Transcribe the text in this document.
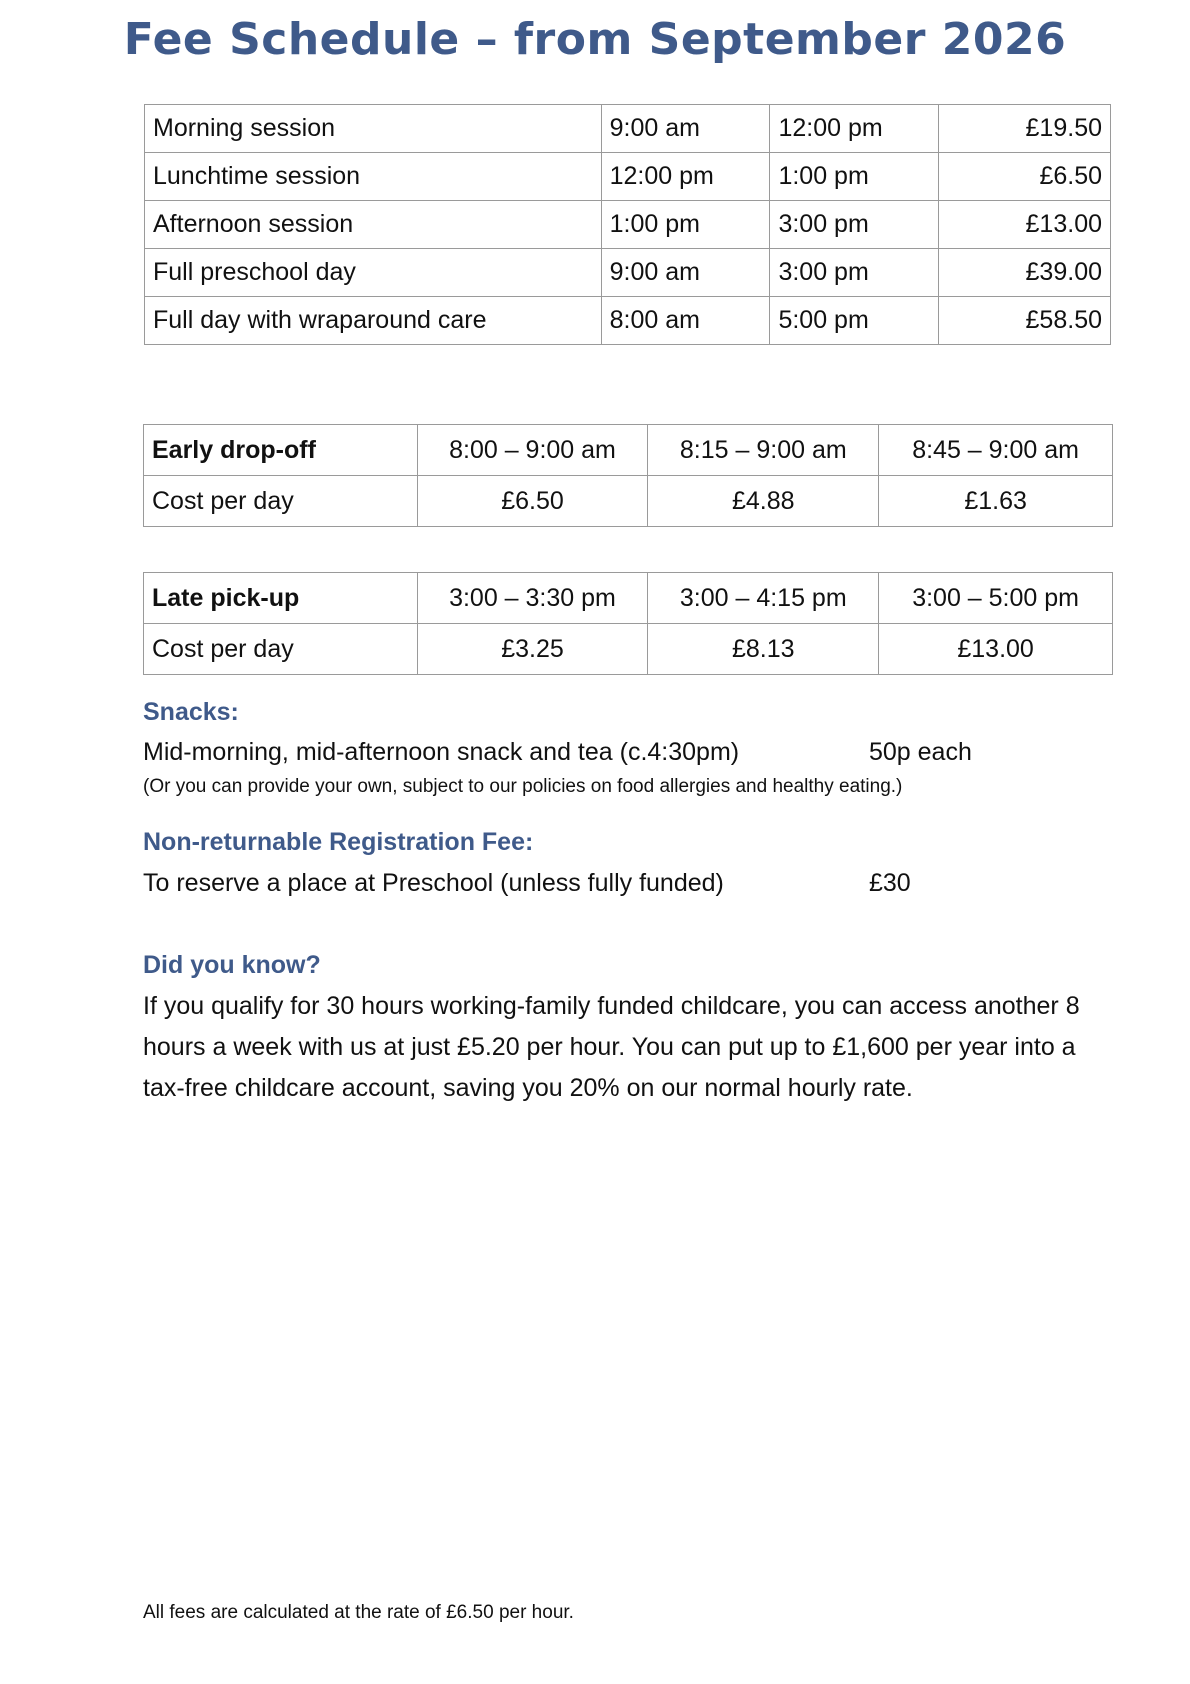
Fee Schedule – from September 2026
Morning session	9:00 am	12:00 pm	£19.50
Lunchtime session	12:00 pm	1:00 pm	£6.50
Afternoon session	1:00 pm	3:00 pm	£13.00
Full preschool day	9:00 am	3:00 pm	£39.00
Full day with wraparound care	8:00 am	5:00 pm	£58.50
Early drop-off	8:00 – 9:00 am	8:15 – 9:00 am	8:45 – 9:00 am
Cost per day	£6.50	£4.88	£1.63
Late pick-up	3:00 – 3:30 pm	3:00 – 4:15 pm	3:00 – 5:00 pm
Cost per day	£3.25	£8.13	£13.00
Snacks:
Mid-morning, mid-afternoon snack and tea (c.4:30pm)	50p each
(Or you can provide your own, subject to our policies on food allergies and healthy eating.)
Non-returnable Registration Fee:
To reserve a place at Preschool (unless fully funded)	£30
Did you know?

If you qualify for 30 hours working-family funded childcare, you can access another 8 hours a week with us at just £5.20 per hour. You can put up to £1,600 per year into a tax-free childcare account, saving you 20% on our normal hourly rate.

All fees are calculated at the rate of £6.50 per hour.
